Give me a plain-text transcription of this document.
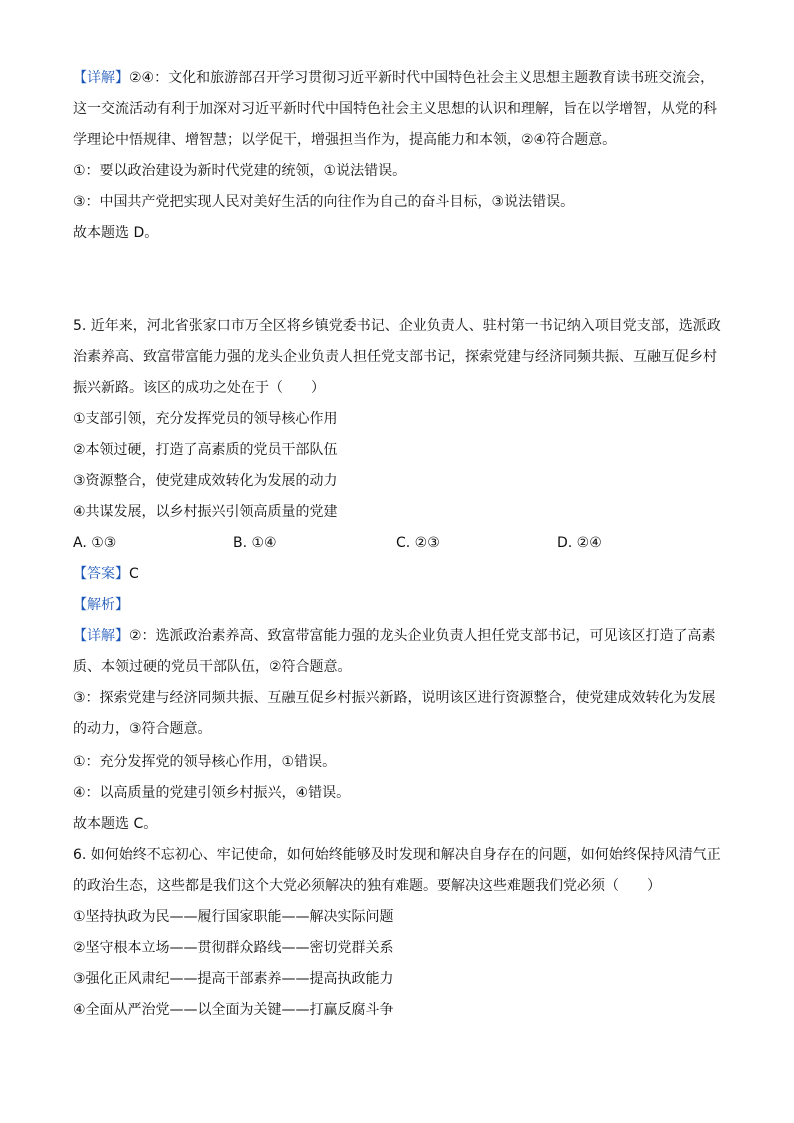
【详解】②④：文化和旅游部召开学习贯彻习近平新时代中国特色社会主义思想主题教育读书班交流会，
这一交流活动有利于加深对习近平新时代中国特色社会主义思想的认识和理解，旨在以学增智，从党的科
学理论中悟规律、增智慧；以学促干，增强担当作为，提高能力和本领，②④符合题意。
①：要以政治建设为新时代党建的统领，①说法错误。
③：中国共产党把实现人民对美好生活的向往作为自己的奋斗目标，③说法错误。
故本题选 D。
5. 近年来，河北省张家口市万全区将乡镇党委书记、企业负责人、驻村第一书记纳入项目党支部，选派政
治素养高、致富带富能力强的龙头企业负责人担任党支部书记，探索党建与经济同频共振、互融互促乡村
振兴新路。该区的成功之处在于（　　）
①支部引领，充分发挥党员的领导核心作用
②本领过硬，打造了高素质的党员干部队伍
③资源整合，使党建成效转化为发展的动力
④共谋发展，以乡村振兴引领高质量的党建
A. ①③	B. ①④	C. ②③	D. ②④
【答案】C
【解析】
【详解】②：选派政治素养高、致富带富能力强的龙头企业负责人担任党支部书记，可见该区打造了高素
质、本领过硬的党员干部队伍，②符合题意。
③：探索党建与经济同频共振、互融互促乡村振兴新路，说明该区进行资源整合，使党建成效转化为发展
的动力，③符合题意。
①：充分发挥党的领导核心作用，①错误。
④：以高质量的党建引领乡村振兴，④错误。
故本题选 C。
6. 如何始终不忘初心、牢记使命，如何始终能够及时发现和解决自身存在的问题，如何始终保持风清气正
的政治生态，这些都是我们这个大党必须解决的独有难题。要解决这些难题我们党必须（　　）
①坚持执政为民——履行国家职能——解决实际问题
②坚守根本立场——贯彻群众路线——密切党群关系
③强化正风肃纪——提高干部素养——提高执政能力
④全面从严治党——以全面为关键——打赢反腐斗争
